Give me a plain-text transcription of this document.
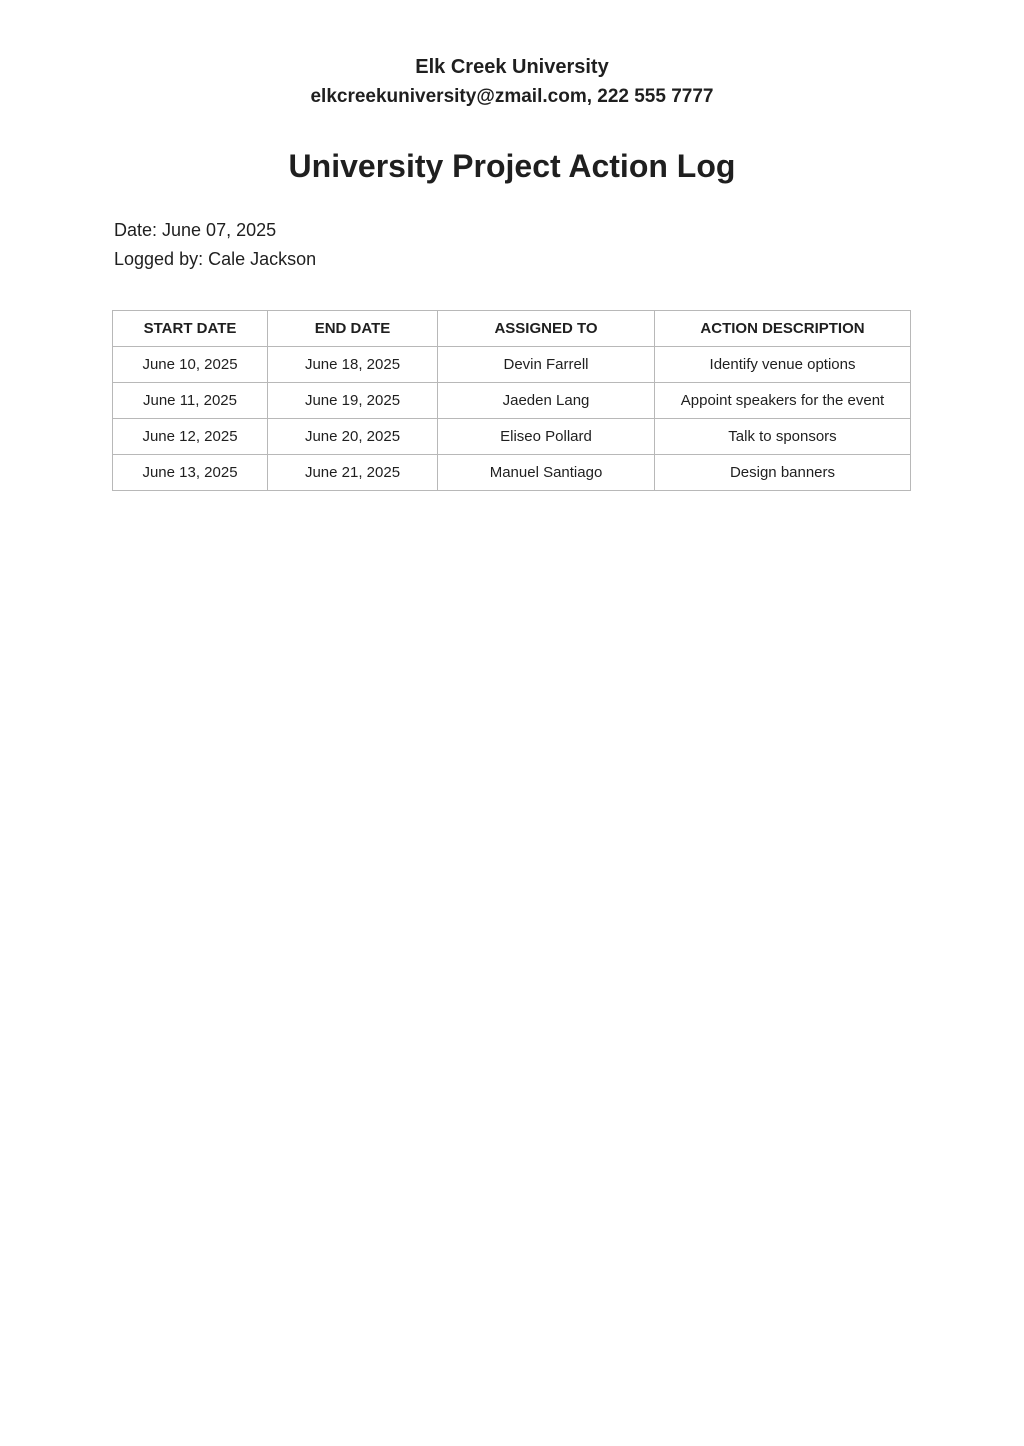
Elk Creek University

elkcreekuniversity@zmail.com, 222 555 7777

University Project Action Log

Date: June 07, 2025

Logged by: Cale Jackson

START DATE	END DATE	ASSIGNED TO	ACTION DESCRIPTION
June 10, 2025	June 18, 2025	Devin Farrell	Identify venue options
June 11, 2025	June 19, 2025	Jaeden Lang	Appoint speakers for the event
June 12, 2025	June 20, 2025	Eliseo Pollard	Talk to sponsors
June 13, 2025	June 21, 2025	Manuel Santiago	Design banners
